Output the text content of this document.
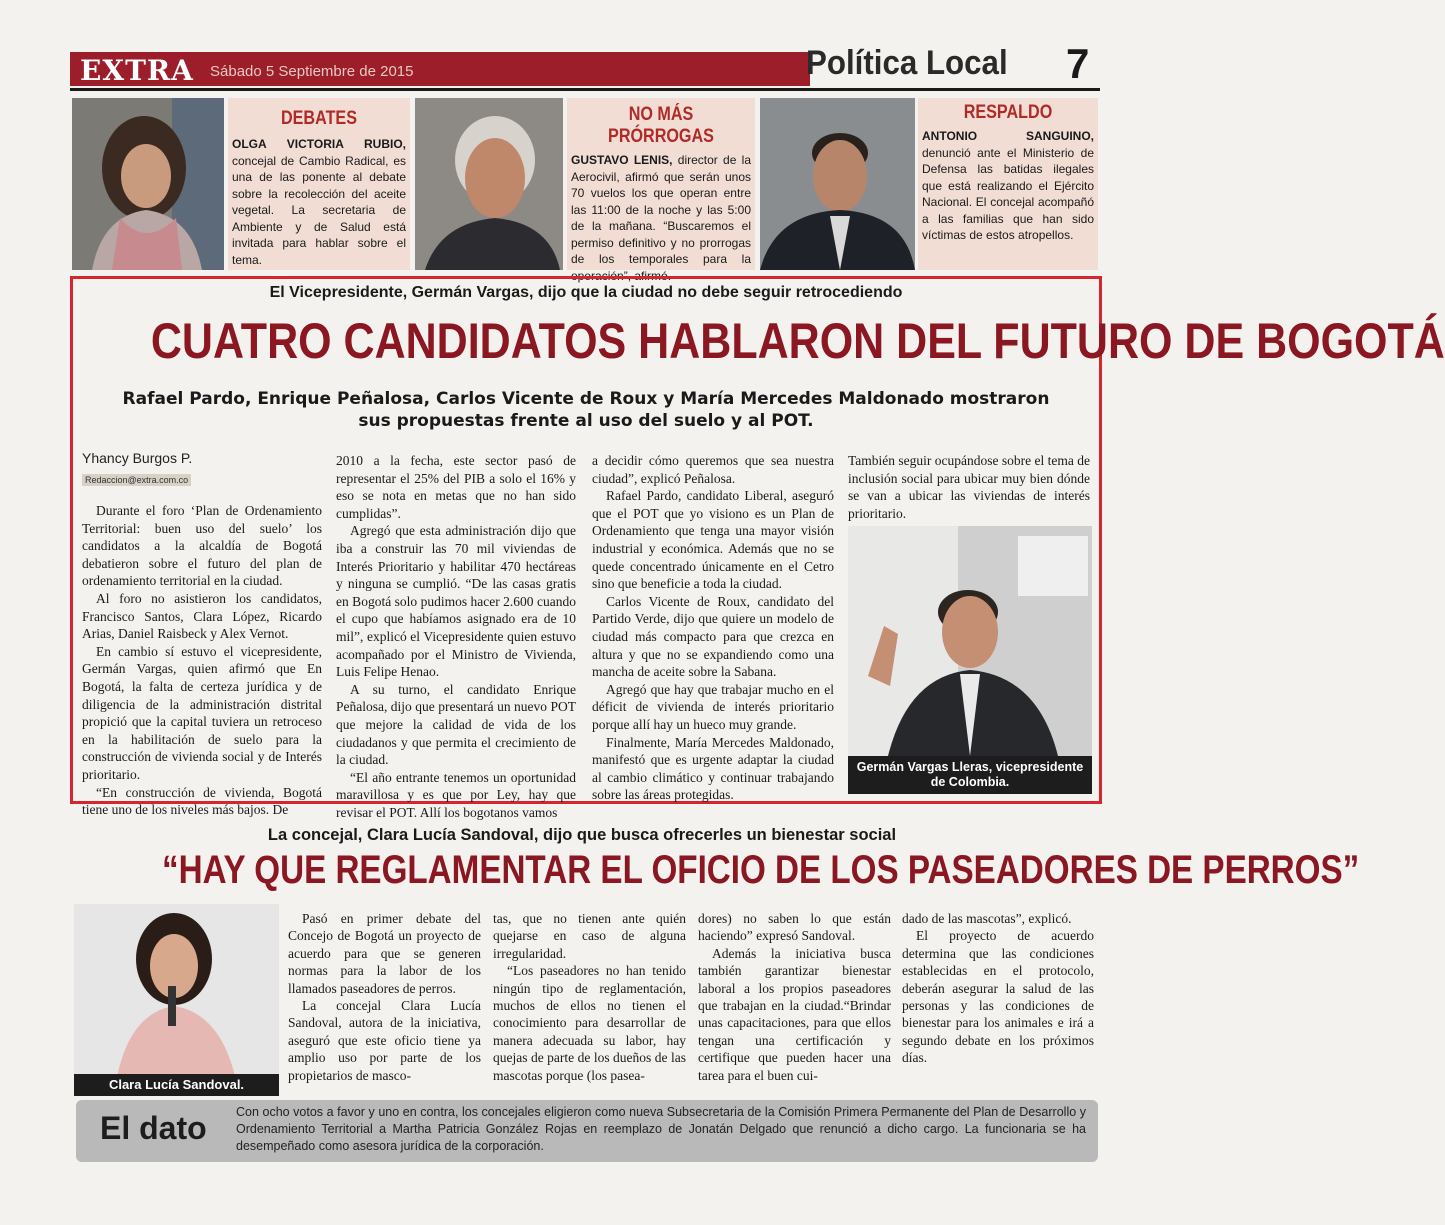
EXTRA Sábado 5 Septiembre de 2015	Política Local 7
DEBATES
OLGA VICTORIA RUBIO, concejal de Cambio Radical, es una de las ponente al debate sobre la recolección del aceite vegetal. La secretaria de Ambiente y de Salud está invitada para hablar sobre el tema.
NO MÁS PRÓRROGAS
GUSTAVO LENIS, director de la Aerocivil, afirmó que serán unos 70 vuelos los que operan entre las 11:00 de la noche y las 5:00 de la mañana. “Buscaremos el permiso definitivo y no prorrogas de los temporales para la operación”, afirmó.
RESPALDO
ANTONIO SANGUINO, denunció ante el Ministerio de Defensa las batidas ilegales que está realizando el Ejército Nacional. El concejal acompañó a las familias que han sido víctimas de estos atropellos.
El Vicepresidente, Germán Vargas, dijo que la ciudad no debe seguir retrocediendo
CUATRO CANDIDATOS HABLARON DEL FUTURO DE BOGOTÁ
Rafael Pardo, Enrique Peñalosa, Carlos Vicente de Roux y María Mercedes Maldonado mostraron
sus propuestas frente al uso del suelo y al POT.
Yhancy Burgos P.
Redaccion@extra.com.co

Durante el foro ‘Plan de Ordenamiento Territorial: buen uso del suelo’ los candidatos a la alcaldía de Bogotá debatieron sobre el futuro del plan de ordenamiento territorial en la ciudad.

Al foro no asistieron los candidatos, Francisco Santos, Clara López, Ricardo Arias, Daniel Raisbeck y Alex Vernot.

En cambio sí estuvo el vicepresidente, Germán Vargas, quien afirmó que En Bogotá, la falta de certeza jurídica y de diligencia de la administración distrital propició que la capital tuviera un retroceso en la habilitación de suelo para la construcción de vivienda social y de Interés prioritario.

“En construcción de vivienda, Bogotá tiene uno de los niveles más bajos. De

2010 a la fecha, este sector pasó de representar el 25% del PIB a solo el 16% y eso se nota en metas que no han sido cumplidas”.

Agregó que esta administración dijo que iba a construir las 70 mil viviendas de Interés Prioritario y habilitar 470 hectáreas y ninguna se cumplió. “De las casas gratis en Bogotá solo pudimos hacer 2.600 cuando el cupo que habíamos asignado era de 10 mil”, explicó el Vicepresidente quien estuvo acompañado por el Ministro de Vivienda, Luis Felipe Henao.

A su turno, el candidato Enrique Peñalosa, dijo que presentará un nuevo POT que mejore la calidad de vida de los ciudadanos y que permita el crecimiento de la ciudad.

“El año entrante tenemos un oportunidad maravillosa y es que por Ley, hay que revisar el POT. Allí los bogotanos vamos

a decidir cómo queremos que sea nuestra ciudad”, explicó Peñalosa.

Rafael Pardo, candidato Liberal, aseguró que el POT que yo visiono es un Plan de Ordenamiento que tenga una mayor visión industrial y económica. Además que no se quede concentrado únicamente en el Cetro sino que beneficie a toda la ciudad.

Carlos Vicente de Roux, candidato del Partido Verde, dijo que quiere un modelo de ciudad más compacto para que crezca en altura y que no se expandiendo como una mancha de aceite sobre la Sabana.

Agregó que hay que trabajar mucho en el déficit de vivienda de interés prioritario porque allí hay un hueco muy grande.

Finalmente, María Mercedes Maldonado, manifestó que es urgente adaptar la ciudad al cambio climático y continuar trabajando sobre las áreas protegidas.

También seguir ocupándose sobre el tema de inclusión social para ubicar muy bien dónde se van a ubicar las viviendas de interés prioritario.

Germán Vargas Lleras, vicepresidente de Colombia.
La concejal, Clara Lucía Sandoval, dijo que busca ofrecerles un bienestar social
“HAY QUE REGLAMENTAR EL OFICIO DE LOS PASEADORES DE PERROS”
Clara Lucía Sandoval.

Pasó en primer debate del Concejo de Bogotá un proyecto de acuerdo para que se generen normas para la labor de los llamados paseadores de perros.

La concejal Clara Lucía Sandoval, autora de la iniciativa, aseguró que este oficio tiene ya amplio uso por parte de los propietarios de masco-

tas, que no tienen ante quién quejarse en caso de alguna irregularidad.

“Los paseadores no han tenido ningún tipo de reglamentación, muchos de ellos no tienen el conocimiento para desarrollar de manera adecuada su labor, hay quejas de parte de los dueños de las mascotas porque (los pasea-

dores) no saben lo que están haciendo” expresó Sandoval.

Además la iniciativa busca también garantizar bienestar laboral a los propios paseadores que trabajan en la ciudad.“Brindar unas capacitaciones, para que ellos tengan una certificación y certifique que pueden hacer una tarea para el buen cui-

dado de las mascotas”, explicó.

El proyecto de acuerdo determina que las condiciones establecidas en el protocolo, deberán asegurar la salud de las personas y las condiciones de bienestar para los animales e irá a segundo debate en los próximos días.

El dato Con ocho votos a favor y uno en contra, los concejales eligieron como nueva Subsecretaria de la Comisión Primera Permanente del Plan de Desarrollo y Ordenamiento Territorial a Martha Patricia González Rojas en reemplazo de Jonatán Delgado que renunció a dicho cargo. La funcionaria se ha desempeñado como asesora jurídica de la corporación.
